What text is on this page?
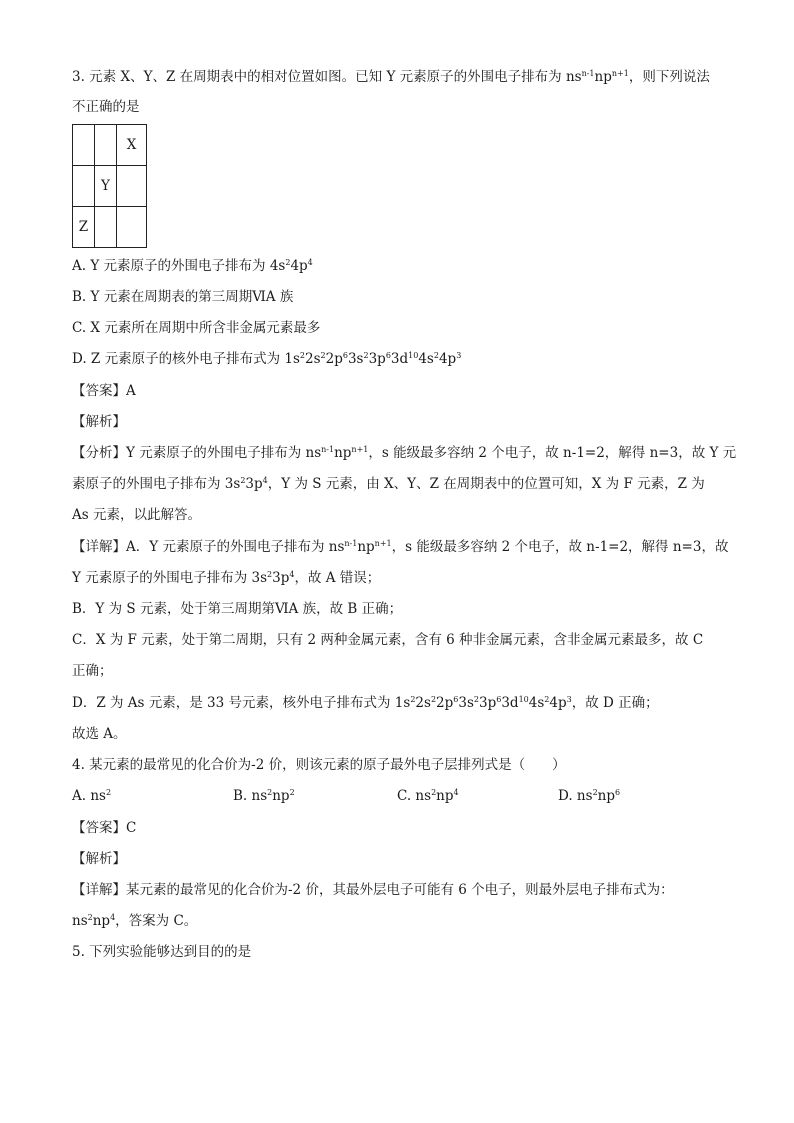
3. 元素 X、Y、Z 在周期表中的相对位置如图。已知 Y 元素原子的外围电子排布为 $ns^{n-1}np^{n+1}$，则下列说法
不正确的是
		X
	Y	
Z		
A. Y 元素原子的外围电子排布为 $4s^24p^4$
B. Y 元素在周期表的第三周期ⅥA 族
C. X 元素所在周期中所含非金属元素最多
D. Z 元素原子的核外电子排布式为 $1s^22s^22p^63s^23p^63d^{10}4s^24p^3$
【答案】A
【解析】
【分析】Y 元素原子的外围电子排布为 $ns^{n-1}np^{n+1}$，s 能级最多容纳 2 个电子，故 n-1=2，解得 n=3，故 Y 元
素原子的外围电子排布为 $3s^23p^4$，Y 为 S 元素，由 X、Y、Z 在周期表中的位置可知，X 为 F 元素，Z 为
As 元素，以此解答。
【详解】A．Y 元素原子的外围电子排布为 $ns^{n-1}np^{n+1}$，s 能级最多容纳 2 个电子，故 n-1=2，解得 n=3，故
Y 元素原子的外围电子排布为 $3s^23p^4$，故 A 错误；
B．Y 为 S 元素，处于第三周期第ⅥA 族，故 B 正确；
C．X 为 F 元素，处于第二周期，只有 2 两种金属元素，含有 6 种非金属元素，含非金属元素最多，故 C
正确；
D．Z 为 As 元素，是 33 号元素，核外电子排布式为 $1s^22s^22p^63s^23p^63d^{10}4s^24p^3$，故 D 正确；
故选 A。
4. 某元素的最常见的化合价为-2 价，则该元素的原子最外电子层排列式是（　　）
A. $ns^2$	B. $ns^2np^2$	C. $ns^2np^4$	D. $ns^2np^6$
【答案】C
【解析】
【详解】某元素的最常见的化合价为-2 价，其最外层电子可能有 6 个电子，则最外层电子排布式为：
$ns^2np^4$，答案为 C。
5. 下列实验能够达到目的的是
